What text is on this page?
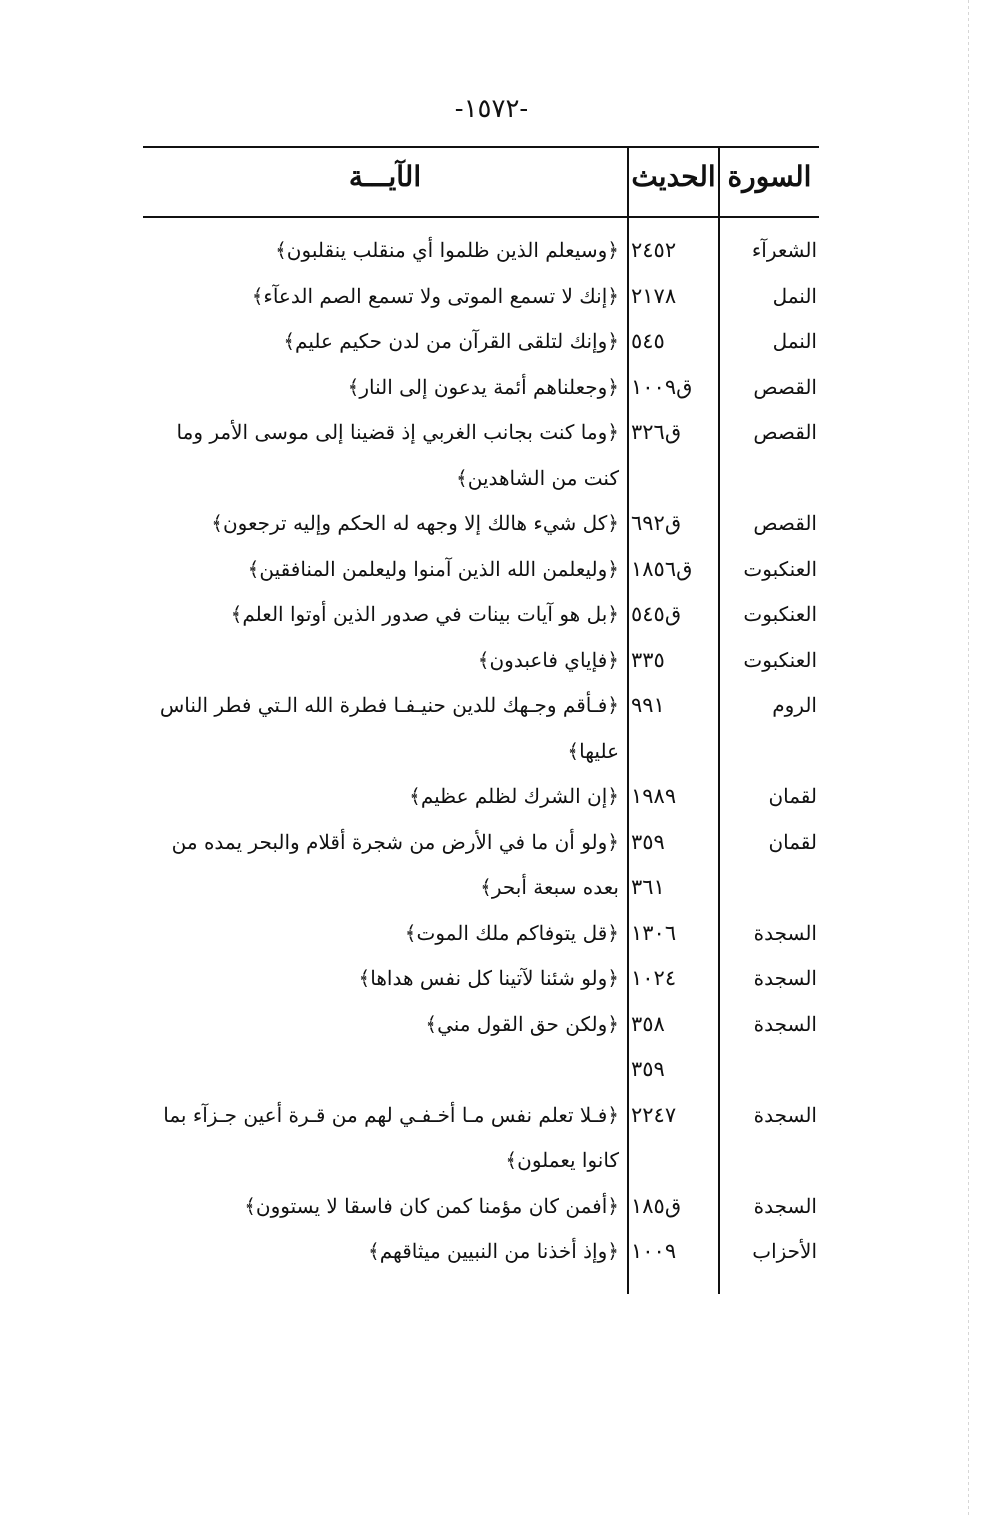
-١٥٧٢-
السورة
الحديث
الآيـــة
الشعرآء
٢٤٥٢
﴿وسيعلم الذين ظلموا أي منقلب ينقلبون﴾
النمل
٢١٧٨
﴿إنك لا تسمع الموتى ولا تسمع الصم الدعآء﴾
النمل
٥٤٥
﴿وإنك لتلقى القرآن من لدن حكيم عليم﴾
القصص
ق١٠٠٩
﴿وجعلناهم أئمة يدعون إلى النار﴾
القصص
ق٣٢٦
﴿وما كنت بجانب الغربي إذ قضينا إلى موسى الأمر وما كنت من الشاهدين﴾
القصص
ق٦٩٢
﴿كل شيء هالك إلا وجهه له الحكم وإليه ترجعون﴾
العنكبوت
ق١٨٥٦
﴿وليعلمن الله الذين آمنوا وليعلمن المنافقين﴾
العنكبوت
ق٥٤٥
﴿بل هو آيات بينات في صدور الذين أوتوا العلم﴾
العنكبوت
٣٣٥
﴿فإياي فاعبدون﴾
الروم
٩٩١
﴿فـأقم وجـهك للدين حنيـفـا فطرة الله الـتي فطر الناس عليها﴾
لقمان
١٩٨٩
﴿إن الشرك لظلم عظيم﴾
لقمان
٣٥٩
﴿ولو أن ما في الأرض من شجرة أقلام والبحر يمده من
٣٦١
بعده سبعة أبحر﴾
السجدة
١٣٠٦
﴿قل يتوفاكم ملك الموت﴾
السجدة
١٠٢٤
﴿ولو شئنا لآتينا كل نفس هداها﴾
السجدة
٣٥٨
﴿ولكن حق القول مني﴾
٣٥٩

السجدة
٢٢٤٧
﴿فـلا تعلم نفس مـا أخـفـي لهم من قـرة أعين جـزآء بما كانوا يعملون﴾
السجدة
ق١٨٥
﴿أفمن كان مؤمنا كمن كان فاسقا لا يستوون﴾
الأحزاب
١٠٠٩
﴿وإذ أخذنا من النبيين ميثاقهم﴾
